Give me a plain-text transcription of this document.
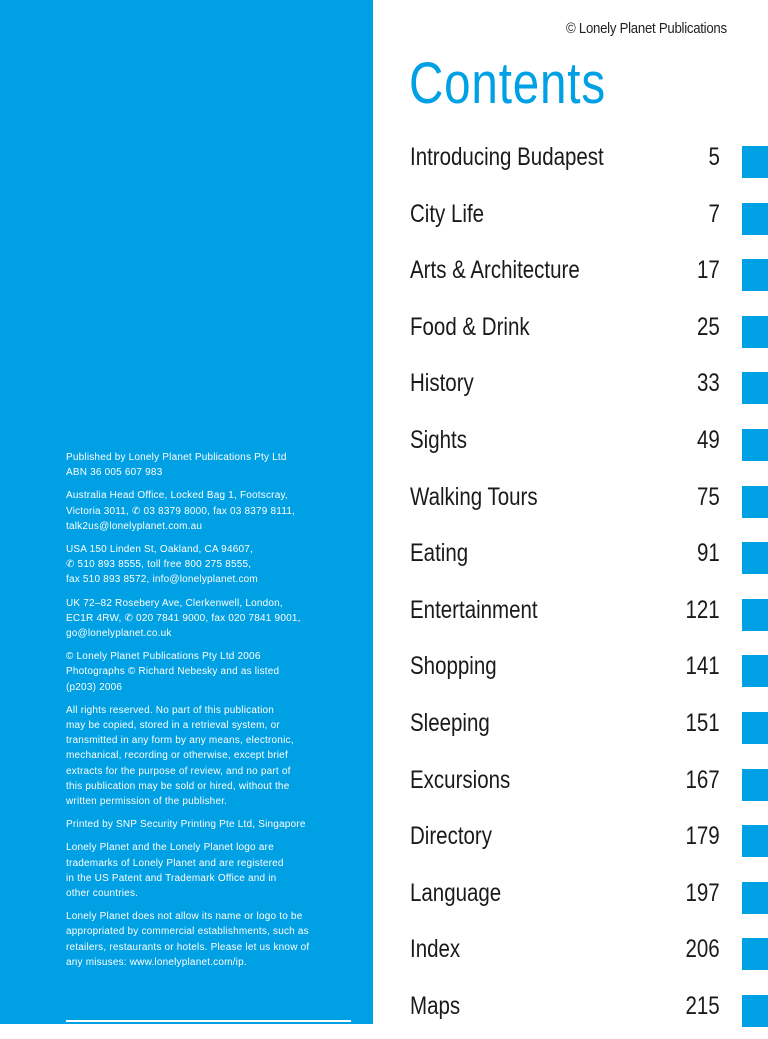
Published by Lonely Planet Publications Pty Ltd
ABN 36 005 607 983

Australia Head Office, Locked Bag 1, Footscray,
Victoria 3011, ✆ 03 8379 8000, fax 03 8379 8111,
talk2us@lonelyplanet.com.au

USA 150 Linden St, Oakland, CA 94607,
✆ 510 893 8555, toll free 800 275 8555,
fax 510 893 8572, info@lonelyplanet.com

UK 72–82 Rosebery Ave, Clerkenwell, London,
EC1R 4RW, ✆ 020 7841 9000, fax 020 7841 9001,
go@lonelyplanet.co.uk

© Lonely Planet Publications Pty Ltd 2006
Photographs © Richard Nebesky and as listed
(p203) 2006

All rights reserved. No part of this publication
may be copied, stored in a retrieval system, or
transmitted in any form by any means, electronic,
mechanical, recording or otherwise, except brief
extracts for the purpose of review, and no part of
this publication may be sold or hired, without the
written permission of the publisher.

Printed by SNP Security Printing Pte Ltd, Singapore

Lonely Planet and the Lonely Planet logo are
trademarks of Lonely Planet and are registered
in the US Patent and Trademark Office and in
other countries.

Lonely Planet does not allow its name or logo to be
appropriated by commercial establishments, such as
retailers, restaurants or hotels. Please let us know of
any misuses: www.lonelyplanet.com/ip.

© Lonely Planet Publications
Contents
Introducing Budapest	5
City Life	7
Arts & Architecture	17
Food & Drink	25
History	33
Sights	49
Walking Tours	75
Eating	91
Entertainment	121
Shopping	141
Sleeping	151
Excursions	167
Directory	179
Language	197
Index	206
Maps	215
